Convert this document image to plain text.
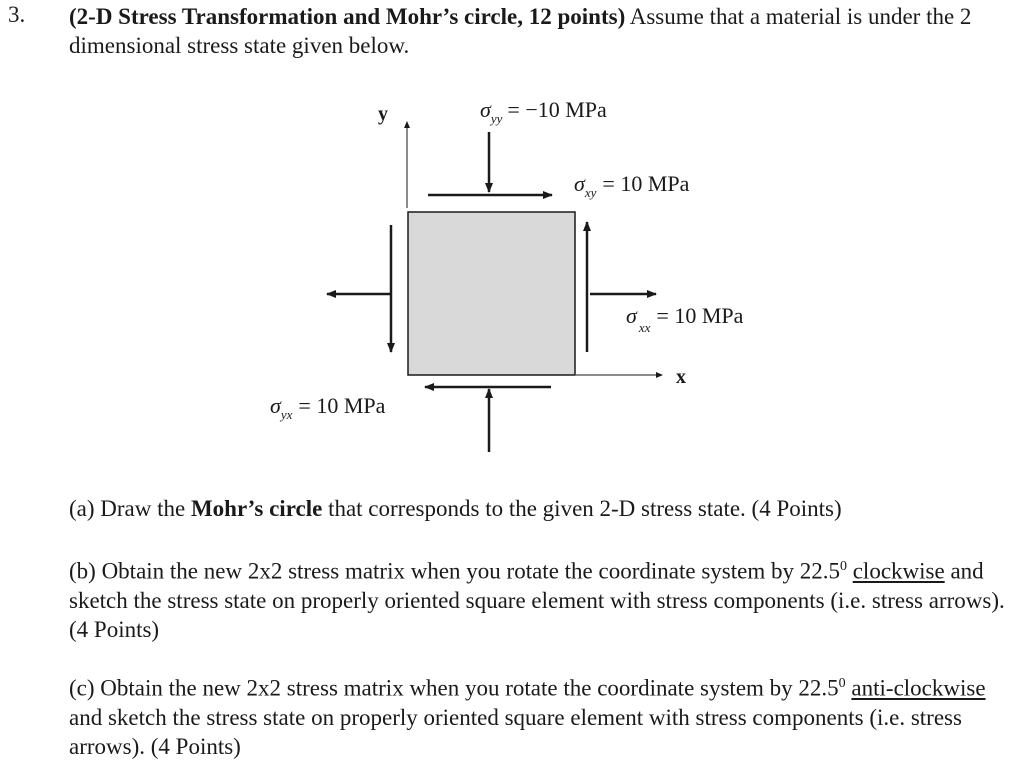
3. (2-D Stress Transformation and Mohr’s circle, 12 points) Assume that a material is under the 2 dimensional stress state given below.
y
x
$\sigma_{yy} = -10$ MPa
$\sigma_{xy} = 10$ MPa
σ $_{xx}$ = 10 MPa
$\sigma_{yx} = 10$ MPa
(a) Draw the Mohr’s circle that corresponds to the given 2-D stress state. (4 Points)
(b) Obtain the new 2x2 stress matrix when you rotate the coordinate system by 22.5$^0$ clockwise and sketch the stress state on properly oriented square element with stress components (i.e. stress arrows). (4 Points)
(c) Obtain the new 2x2 stress matrix when you rotate the coordinate system by 22.5$^0$ anti-clockwise and sketch the stress state on properly oriented square element with stress components (i.e. stress arrows). (4 Points)
